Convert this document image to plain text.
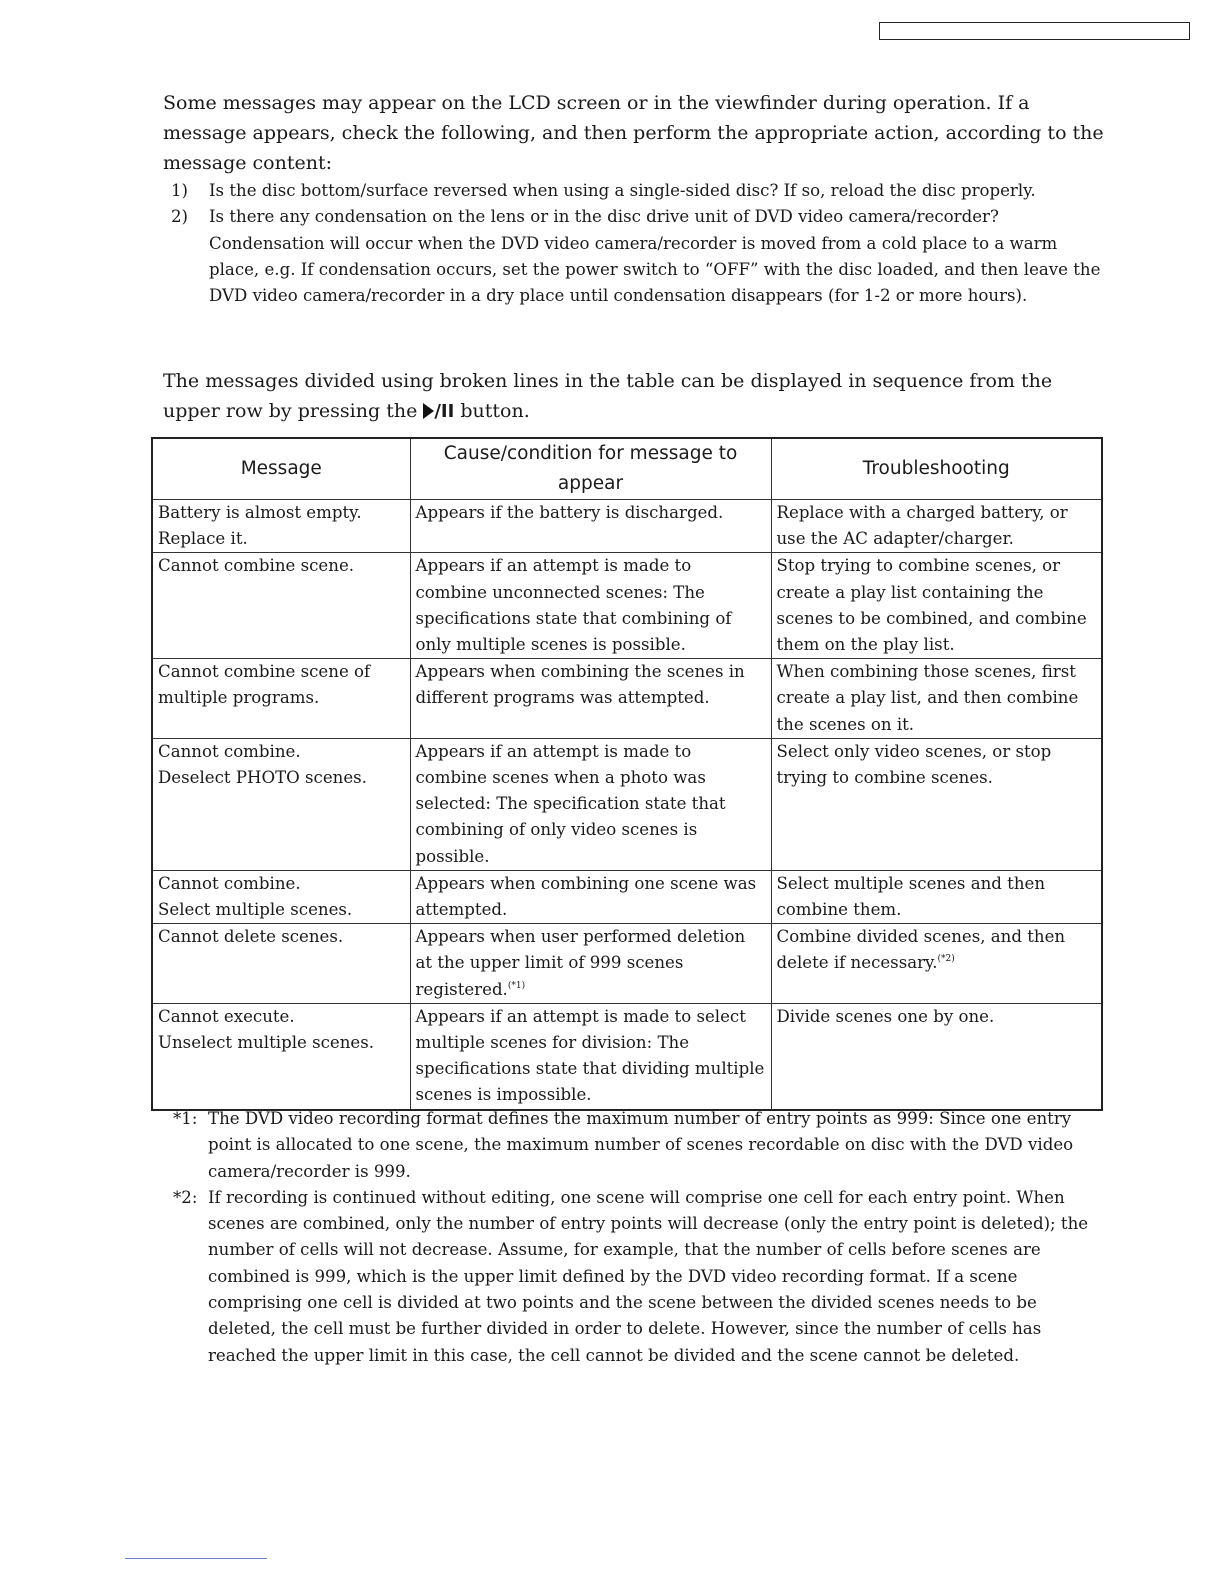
Some messages may appear on the LCD screen or in the viewfinder during operation. If a message appears, check the following, and then perform the appropriate action, according to the message content:

1)	Is the disc bottom/surface reversed when using a single-sided disc? If so, reload the disc properly.
2)	Is there any condensation on the lens or in the disc drive unit of DVD video camera/recorder? Condensation will occur when the DVD video camera/recorder is moved from a cold place to a warm place, e.g. If condensation occurs, set the power switch to “OFF” with the disc loaded, and then leave the DVD video camera/recorder in a dry place until condensation disappears (for 1-2 or more hours).

The messages divided using broken lines in the table can be displayed in sequence from the upper row by pressing the /II button.

Message	Cause/condition for message to appear	Troubleshooting

Battery is almost empty.
Replace it.	Appears if the battery is discharged.	Replace with a charged battery, or use the AC adapter/charger.

Cannot combine scene.	Appears if an attempt is made to combine unconnected scenes: The specifications state that combining of only multiple scenes is possible.	Stop trying to combine scenes, or create a play list containing the scenes to be combined, and combine them on the play list.

Cannot combine scene of multiple programs.	Appears when combining the scenes in different programs was attempted.	When combining those scenes, first create a play list, and then combine the scenes on it.

Cannot combine.
Deselect PHOTO scenes.	Appears if an attempt is made to combine scenes when a photo was selected: The specification state that combining of only video scenes is possible.	Select only video scenes, or stop trying to combine scenes.

Cannot combine.
Select multiple scenes.	Appears when combining one scene was attempted.	Select multiple scenes and then combine them.

Cannot delete scenes.	Appears when user performed deletion at the upper limit of 999 scenes registered.$^{(*1)}$	Combine divided scenes, and then delete if necessary.$^{(*2)}$

Cannot execute.
Unselect multiple scenes.	Appears if an attempt is made to select multiple scenes for division: The specifications state that dividing multiple scenes is impossible.	Divide scenes one by one.
*1: The DVD video recording format defines the maximum number of entry points as 999: Since one entry point is allocated to one scene, the maximum number of scenes recordable on disc with the DVD video camera/recorder is 999.
*2: If recording is continued without editing, one scene will comprise one cell for each entry point. When scenes are combined, only the number of entry points will decrease (only the entry point is deleted); the number of cells will not decrease. Assume, for example, that the number of cells before scenes are combined is 999, which is the upper limit defined by the DVD video recording format. If a scene comprising one cell is divided at two points and the scene between the divided scenes needs to be deleted, the cell must be further divided in order to delete. However, since the number of cells has reached the upper limit in this case, the cell cannot be divided and the scene cannot be deleted.
